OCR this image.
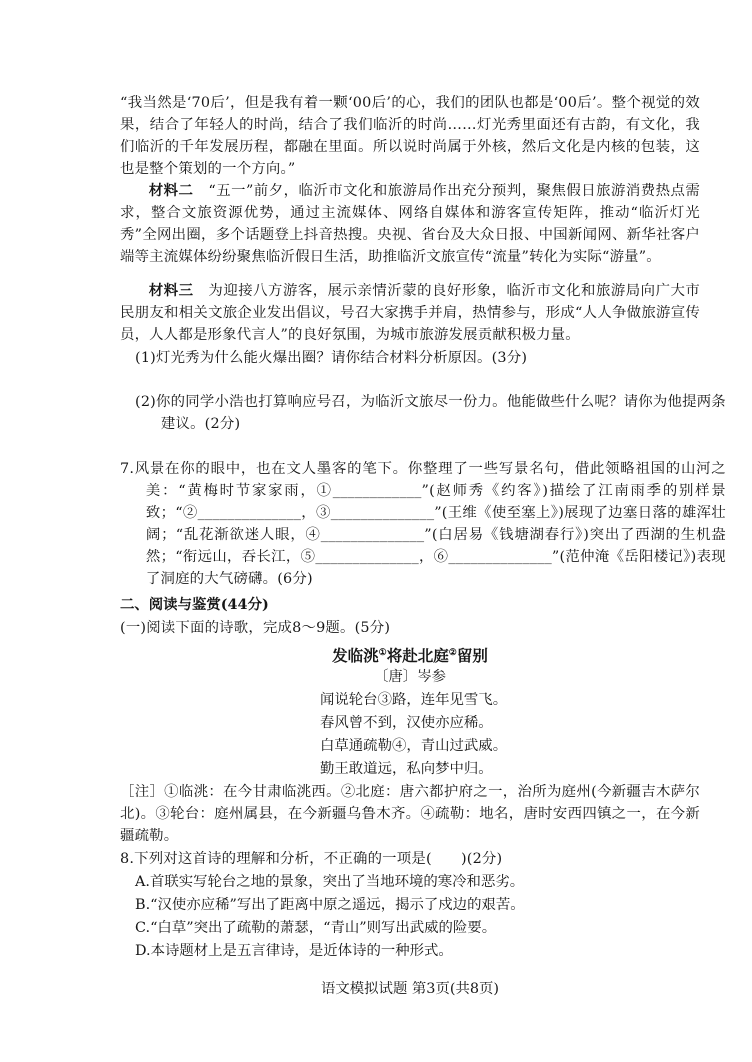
“我当然是‘70后’，但是我有着一颗‘00后’的心，我们的团队也都是‘00后’。整个视觉的效果，结合了年轻人的时尚，结合了我们临沂的时尚……灯光秀里面还有古韵，有文化，我们临沂的千年发展历程，都融在里面。所以说时尚属于外核，然后文化是内核的包装，这也是整个策划的一个方向。”
材料二　 “五一”前夕，临沂市文化和旅游局作出充分预判，聚焦假日旅游消费热点需求，整合文旅资源优势，通过主流媒体、网络自媒体和游客宣传矩阵，推动“临沂灯光秀”全网出圈，多个话题登上抖音热搜。央视、省台及大众日报、中国新闻网、新华社客户端等主流媒体纷纷聚焦临沂假日生活，助推临沂文旅宣传“流量”转化为实际“游量”。
材料三　 为迎接八方游客，展示亲情沂蒙的良好形象，临沂市文化和旅游局向广大市民朋友和相关文旅企业发出倡议，号召大家携手并肩，热情参与，形成“人人争做旅游宣传员，人人都是形象代言人”的良好氛围，为城市旅游发展贡献积极力量。
(1)灯光秀为什么能火爆出圈？请你结合材料分析原因。(3分)
(2)你的同学小浩也打算响应号召，为临沂文旅尽一份力。他能做些什么呢？请你为他提两条建议。(2分)
7.风景在你的眼中，也在文人墨客的笔下。你整理了一些写景名句，借此领略祖国的山河之美：“黄梅时节家家雨，①____________”(赵师秀《约客》)描绘了江南雨季的别样景致；“②______________，③______________”(王维《使至塞上》)展现了边塞日落的雄浑壮阔；“乱花渐欲迷人眼，④______________”(白居易《钱塘湖春行》)突出了西湖的生机盎然；“衔远山，吞长江，⑤______________，⑥______________”(范仲淹《岳阳楼记》)表现了洞庭的大气磅礴。(6分)
二、阅读与鉴赏(44分)
(一)阅读下面的诗歌，完成8～9题。(5分)
发临洮①将赴北庭②留别
〔唐〕岑参
闻说轮台③路，连年见雪飞。
春风曾不到，汉使亦应稀。
白草通疏勒④，青山过武威。
勤王敢道远，私向梦中归。
［注］①临洮：在今甘肃临洮西。②北庭：唐六都护府之一，治所为庭州(今新疆吉木萨尔北)。③轮台：庭州属县，在今新疆乌鲁木齐。④疏勒：地名，唐时安西四镇之一，在今新疆疏勒。
8.下列对这首诗的理解和分析，不正确的一项是(　　)(2分)
A.首联实写轮台之地的景象，突出了当地环境的寒冷和恶劣。
B.“汉使亦应稀”写出了距离中原之遥远，揭示了戍边的艰苦。
C.“白草”突出了疏勒的萧瑟，“青山”则写出武威的险要。
D.本诗题材上是五言律诗，是近体诗的一种形式。
语文模拟试题 第3页(共8页)
